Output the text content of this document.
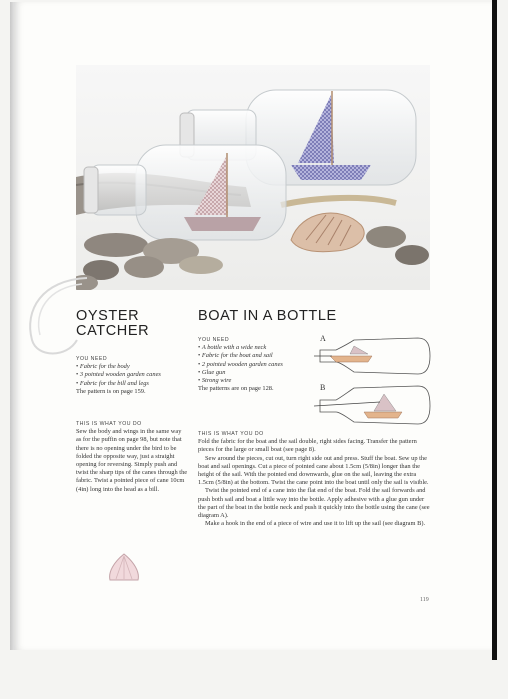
OYSTER
CATCHER
YOU NEED
• Fabric for the body
• 3 pointed wooden garden canes
• Fabric for the bill and legs

The pattern is on page 159.

THIS IS WHAT YOU DO

Sew the body and wings in the same way as for the puffin on page 98, but note that there is no opening under the bird to be folded the opposite way, just a straight opening for reversing. Simply push and twist the sharp tips of the canes through the fabric. Twist a pointed piece of cane 10cm (4in) long into the head as a bill.

BOAT IN A BOTTLE
YOU NEED
• A bottle with a wide neck
• Fabric for the boat and sail
• 2 pointed wooden garden canes
• Glue gun
• Strong wire

The patterns are on page 128.

A
B
THIS IS WHAT YOU DO

Fold the fabric for the boat and the sail double, right sides facing. Transfer the pattern pieces for the large or small boat (see page 8).

Sew around the pieces, cut out, turn right side out and press. Stuff the boat. Sew up the boat and sail openings. Cut a piece of pointed cane about 1.5cm (5/8in) longer than the height of the sail. With the pointed end downwards, glue on the sail, leaving the extra 1.5cm (5/8in) at the bottom. Twist the cane point into the boat until only the sail is visible.

Twist the pointed end of a cane into the flat end of the boat. Fold the sail forwards and push both sail and boat a little way into the bottle. Apply adhesive with a glue gun under the part of the boat in the bottle neck and push it quickly into the bottle using the cane (see diagram A).

Make a hook in the end of a piece of wire and use it to lift up the sail (see diagram B).

119
